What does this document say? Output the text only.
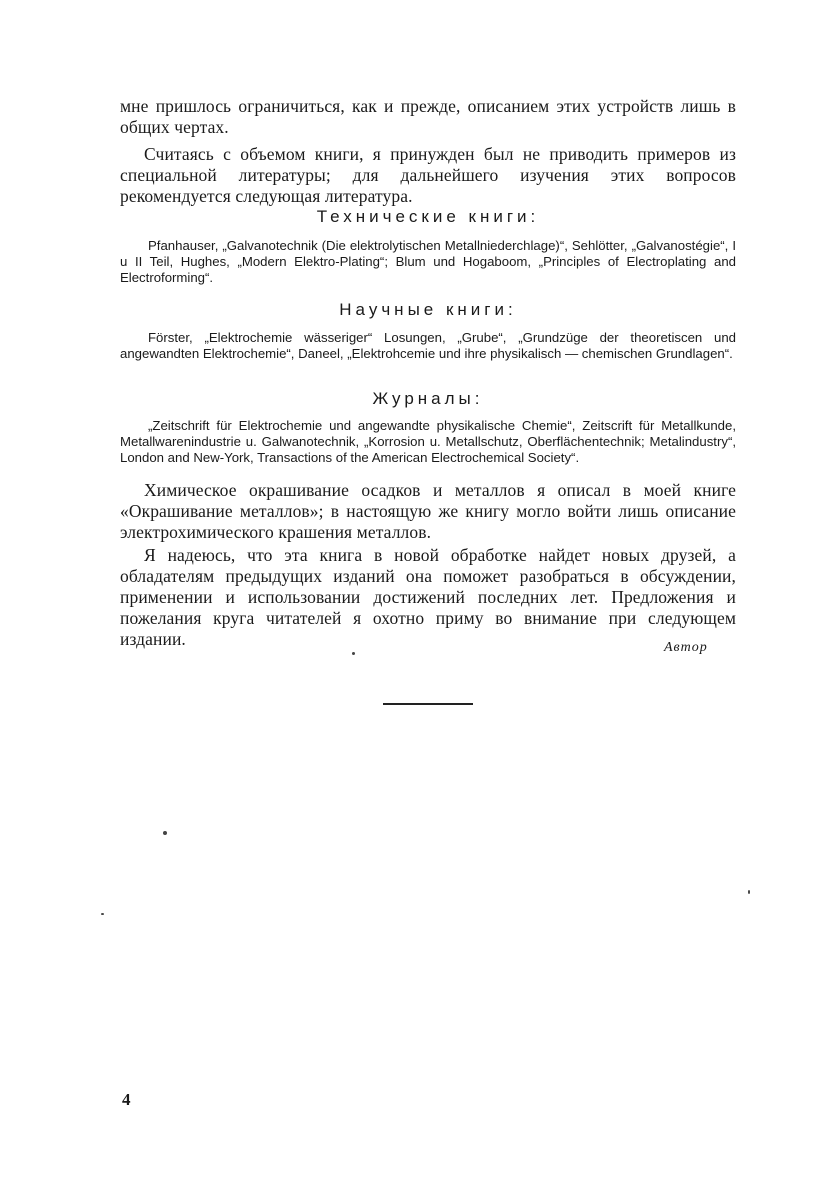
мне пришлось ограничиться, как и прежде, описанием этих устройств лишь в общих чертах.

Считаясь с объемом книги, я принужден был не приводить примеров из специальной литературы; для дальнейшего изучения этих вопросов рекомендуется следующая литература.

Технические книги:

Pfanhauser, „Galvanotechnik (Die elektrolytischen Metallniederchlage)“, Sehlötter, „Galvanostégie“, I u II Teil, Hughes, „Modern Elektro-Plating“; Blum und Hogaboom, „Principles of Electroplating and Electroforming“.

Научные книги:

Förster, „Elektrochemie wässeriger“ Losungen, „Grube“, „Grundzüge der theoretiscen und angewandten Elektrochemie“, Daneel, „Elektrohcemie und ihre physikalisch — chemischen Grundlagen“.

Журналы:

„Zeitschrift für Elektrochemie und angewandte physikalische Chemie“, Zeitscrift für Metallkunde, Metallwarenindustrie u. Galwanotechnik, „Korrosion u. Metallschutz, Oberflächentechnik; Metalindustry“, London and New-York, Transactions of the American Electrochemical Society“.

Химическое окрашивание осадков и металлов я описал в моей книге «Окрашивание металлов»; в настоящую же книгу могло войти лишь описание электрохимического крашения металлов.

Я надеюсь, что эта книга в новой обработке найдет новых друзей, а обладателям предыдущих изданий она поможет разобраться в обсуждении, применении и использовании достижений последних лет. Предложения и пожелания круга читателей я охотно приму во внимание при следующем издании.	Автор
4
